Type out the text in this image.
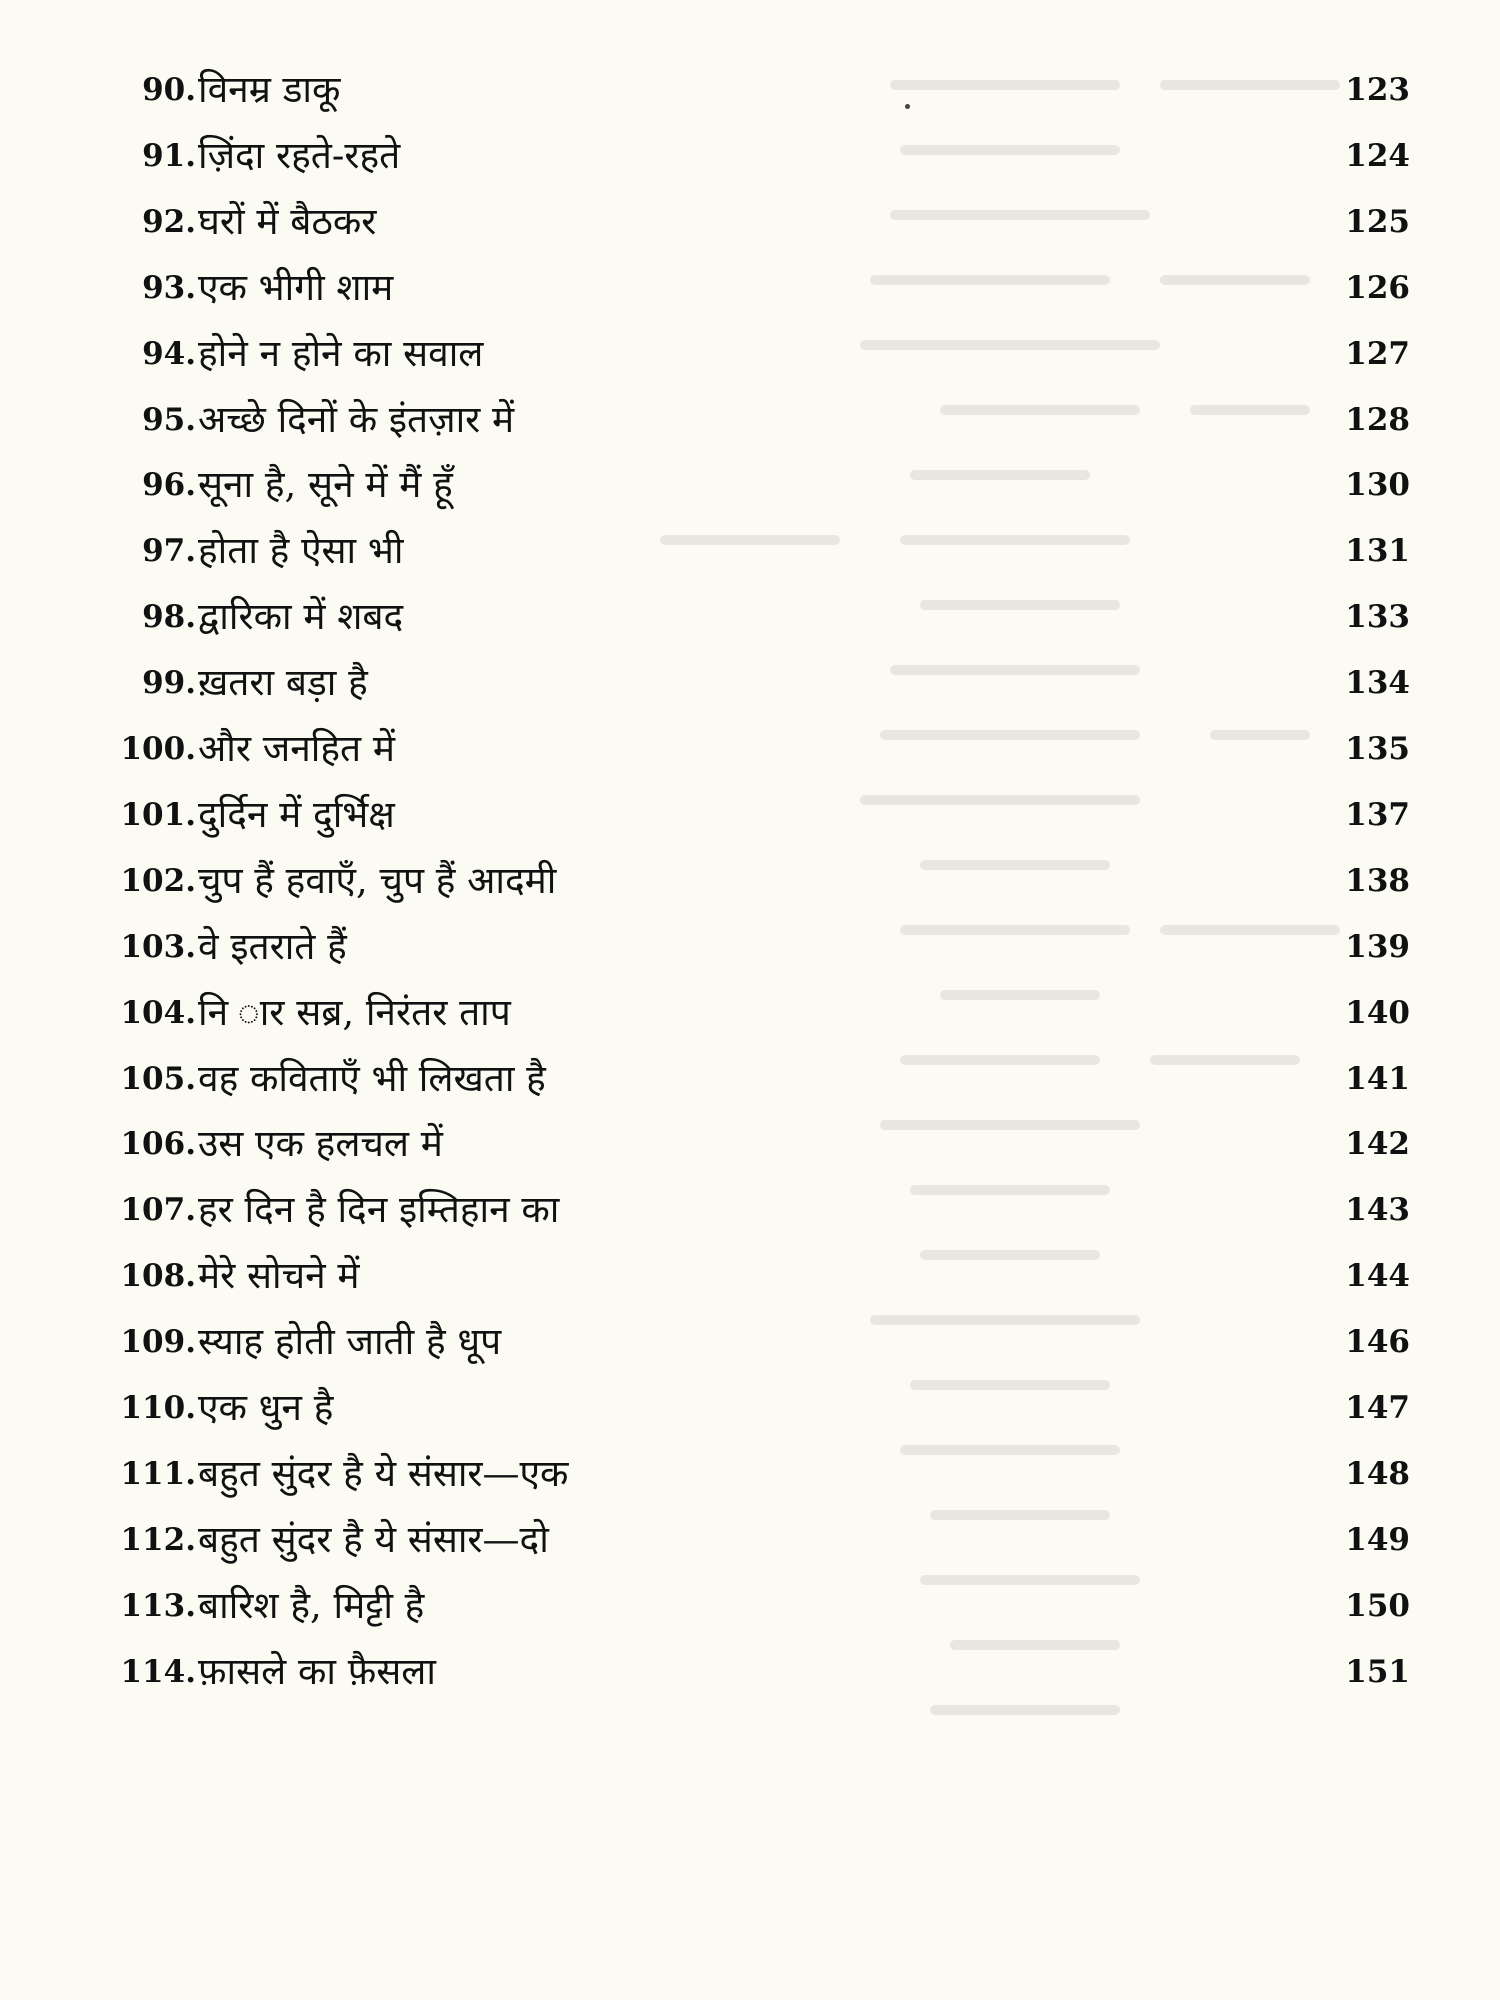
90. विनम्र डाकू	123
91. ज़िंदा रहते-रहते	124
92. घरों में बैठकर	125
93. एक भीगी शाम	126
94. होने न होने का सवाल	127
95. अच्छे दिनों के इंतज़ार में	128
96. सूना है, सूने में मैं हूँ	130
97. होता है ऐसा भी	131
98. द्वारिका में शबद	133
99. ख़तरा बड़ा है	134
100. और जनहित में	135
101. दुर्दिन में दुर्भिक्ष	137
102. चुप हैं हवाएँ, चुप हैं आदमी	138
103. वे इतराते हैं	139
104. नि ार सब्र, निरंतर ताप	140
105. वह कविताएँ भी लिखता है	141
106. उस एक हलचल में	142
107. हर दिन है दिन इम्तिहान का	143
108. मेरे सोचने में	144
109. स्याह होती जाती है धूप	146
110. एक धुन है	147
111. बहुत सुंदर है ये संसार—एक	148
112. बहुत सुंदर है ये संसार—दो	149
113. बारिश है, मिट्टी है	150
114. फ़ासले का फ़ैसला	151
